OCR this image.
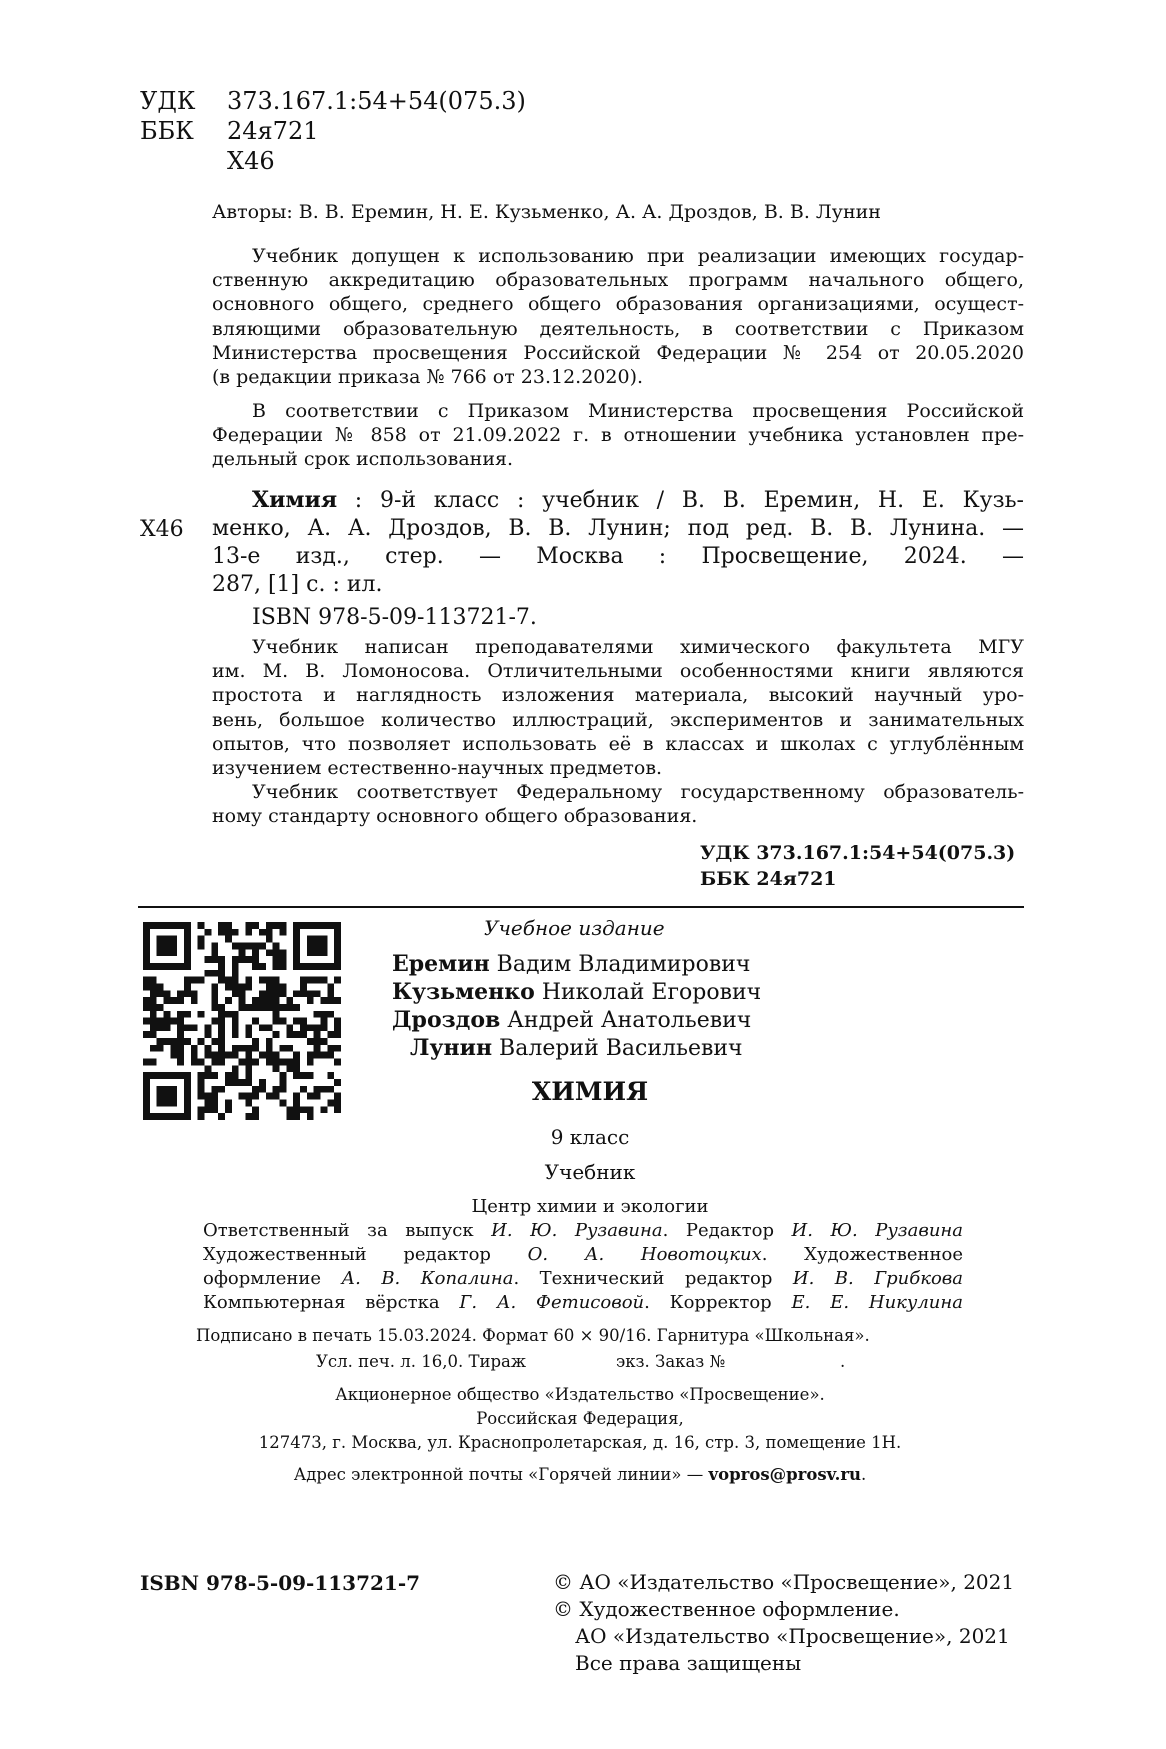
УДК 373.167.1:54+54(075.3)
ББК 24я721
Х46
Авторы: В. В. Еремин, Н. Е. Кузьменко, А. А. Дроздов, В. В. Лунин
Учебник допущен к использованию при реализации имеющих государ-
ственную аккредитацию образовательных программ начального общего,
основного общего, среднего общего образования организациями, осущест-
вляющими образовательную деятельность, в соответствии с Приказом
Министерства просвещения Российской Федерации № 254 от 20.05.2020
(в редакции приказа № 766 от 23.12.2020).
В соответствии с Приказом Министерства просвещения Российской
Федерации № 858 от 21.09.2022 г. в отношении учебника установлен пре-
дельный срок использования.
Х46
Химия : 9-й класс : учебник / В. В. Еремин, Н. Е. Кузь-
менко, А. А. Дроздов, В. В. Лунин; под ред. В. В. Лунина. —
13-е изд., стер. — Москва : Просвещение, 2024. —
287, [1] с. : ил.
ISBN 978-5-09-113721-7.
Учебник написан преподавателями химического факультета МГУ
им. М. В. Ломоносова. Отличительными особенностями книги являются
простота и наглядность изложения материала, высокий научный уро-
вень, большое количество иллюстраций, экспериментов и занимательных
опытов, что позволяет использовать её в классах и школах с углублённым
изучением естественно-научных предметов.
Учебник соответствует Федеральному государственному образователь-
ному стандарту основного общего образования.
УДК 373.167.1:54+54(075.3)
ББК 24я721
Учебное издание
Еремин Вадим Владимирович
Кузьменко Николай Егорович
Дроздов Андрей Анатольевич
Лунин Валерий Васильевич
ХИМИЯ
9 класс
Учебник
Центр химии и экологии
Ответственный за выпуск И. Ю. Рузавина. Редактор И. Ю. Рузавина
Художественный редактор О. А. Новотоцких. Художественное
оформление А. В. Копалина. Технический редактор И. В. Грибкова
Компьютерная вёрстка Г. А. Фетисовой. Корректор Е. Е. Никулина
Подписано в печать 15.03.2024. Формат 60 × 90/16. Гарнитура «Школьная».
Усл. печ. л. 16,0. Тираж	экз. Заказ №	.
Акционерное общество «Издательство «Просвещение».
Российская Федерация,
127473, г. Москва, ул. Краснопролетарская, д. 16, стр. 3, помещение 1Н.
Адрес электронной почты «Горячей линии» — vopros@prosv.ru.
ISBN 978-5-09-113721-7	© АО «Издательство «Просвещение», 2021
© Художественное оформление.
АО «Издательство «Просвещение», 2021
Все права защищены
